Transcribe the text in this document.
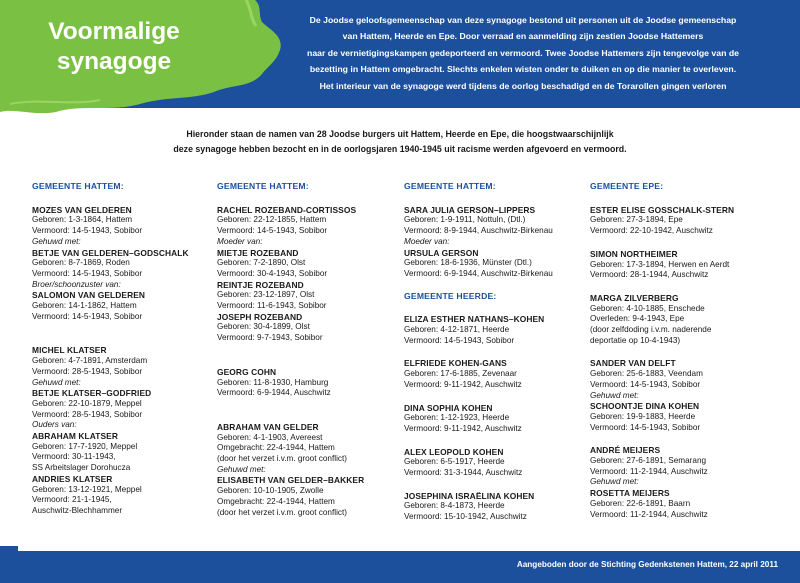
Voormalige
synagoge
De Joodse geloofsgemeenschap van deze synagoge bestond uit personen uit de Joodse gemeenschap
van Hattem, Heerde en Epe. Door verraad en aanmelding zijn zestien Joodse Hattemers
naar de vernietigingskampen gedeporteerd en vermoord. Twee Joodse Hattemers zijn tengevolge van de
bezetting in Hattem omgebracht. Slechts enkelen wisten onder te duiken en op die manier te overleven.
Het interieur van de synagoge werd tijdens de oorlog beschadigd en de Torarollen gingen verloren
Hieronder staan de namen van 28 Joodse burgers uit Hattem, Heerde en Epe, die hoogstwaarschijnlijk
deze synagoge hebben bezocht en in de oorlogsjaren 1940-1945 uit racisme werden afgevoerd en vermoord.
GEMEENTE HATTEM:
MOZES VAN GELDEREN
Geboren: 1-3-1864, Hattem
Vermoord: 14-5-1943, Sobibor
Gehuwd met:
BETJE VAN GELDEREN–GODSCHALK
Geboren: 8-7-1869, Roden
Vermoord: 14-5-1943, Sobibor
Broer/schoonzuster van:
SALOMON VAN GELDEREN
Geboren: 14-1-1862, Hattem
Vermoord: 14-5-1943, Sobibor
MICHEL KLATSER
Geboren: 4-7-1891, Amsterdam
Vermoord: 28-5-1943, Sobibor
Gehuwd met:
BETJE KLATSER–GODFRIED
Geboren: 22-10-1879, Meppel
Vermoord: 28-5-1943, Sobibor
Ouders van:
ABRAHAM KLATSER
Geboren: 17-7-1920, Meppel
Vermoord: 30-11-1943,
SS Arbeitslager Dorohucza
ANDRIES KLATSER
Geboren: 13-12-1921, Meppel
Vermoord: 21-1-1945,
Auschwitz-Blechhammer
GEMEENTE HATTEM:
RACHEL ROZEBAND-CORTISSOS
Geboren: 22-12-1855, Hattem
Vermoord: 14-5-1943, Sobibor
Moeder van:
MIETJE ROZEBAND
Geboren: 7-2-1890, Olst
Vermoord: 30-4-1943, Sobibor
REINTJE ROZEBAND
Geboren: 23-12-1897, Olst
Vermoord: 11-6-1943, Sobibor
JOSEPH ROZEBAND
Geboren: 30-4-1899, Olst
Vermoord: 9-7-1943, Sobibor
GEORG COHN
Geboren: 11-8-1930, Hamburg
Vermoord: 6-9-1944, Auschwitz
ABRAHAM VAN GELDER
Geboren: 4-1-1903, Avereest
Omgebracht: 22-4-1944, Hattem
(door het verzet i.v.m. groot conflict)
Gehuwd met:
ELISABETH VAN GELDER–BAKKER
Geboren: 10-10-1905, Zwolle
Omgebracht: 22-4-1944, Hattem
(door het verzet i.v.m. groot conflict)
GEMEENTE HATTEM:
SARA JULIA GERSON–LIPPERS
Geboren: 1-9-1911, Nottuln, (Dtl.)
Vermoord: 8-9-1944, Auschwitz-Birkenau
Moeder van:
URSULA GERSON
Geboren: 18-6-1936, Münster (Dtl.)
Vermoord: 6-9-1944, Auschwitz-Birkenau
GEMEENTE HEERDE:
ELIZA ESTHER NATHANS–KOHEN
Geboren: 4-12-1871, Heerde
Vermoord: 14-5-1943, Sobibor
ELFRIEDE KOHEN-GANS
Geboren: 17-6-1885, Zevenaar
Vermoord: 9-11-1942, Auschwitz
DINA SOPHIA KOHEN
Geboren: 1-12-1923, Heerde
Vermoord: 9-11-1942, Auschwitz
ALEX LEOPOLD KOHEN
Geboren: 6-5-1917, Heerde
Vermoord: 31-3-1944, Auschwitz
JOSEPHINA ISRAËLINA KOHEN
Geboren: 8-4-1873, Heerde
Vermoord: 15-10-1942, Auschwitz
GEMEENTE EPE:
ESTER ELISE GOSSCHALK-STERN
Geboren: 27-3-1894, Epe
Vermoord: 22-10-1942, Auschwitz
SIMON NORTHEIMER
Geboren: 17-3-1894, Herwen en Aerdt
Vermoord: 28-1-1944, Auschwitz
MARGA ZILVERBERG
Geboren: 4-10-1885, Enschede
Overleden: 9-4-1943, Epe
(door zelfdoding i.v.m. naderende
deportatie op 10-4-1943)
SANDER VAN DELFT
Geboren: 25-6-1883, Veendam
Vermoord: 14-5-1943, Sobibor
Gehuwd met:
SCHOONTJE DINA KOHEN
Geboren: 19-9-1883, Heerde
Vermoord: 14-5-1943, Sobibor
ANDRÉ MEIJERS
Geboren: 27-6-1891, Semarang
Vermoord: 11-2-1944, Auschwitz
Gehuwd met:
ROSETTA MEIJERS
Geboren: 22-6-1891, Baarn
Vermoord: 11-2-1944, Auschwitz
Aangeboden door de Stichting Gedenkstenen Hattem, 22 april 2011
